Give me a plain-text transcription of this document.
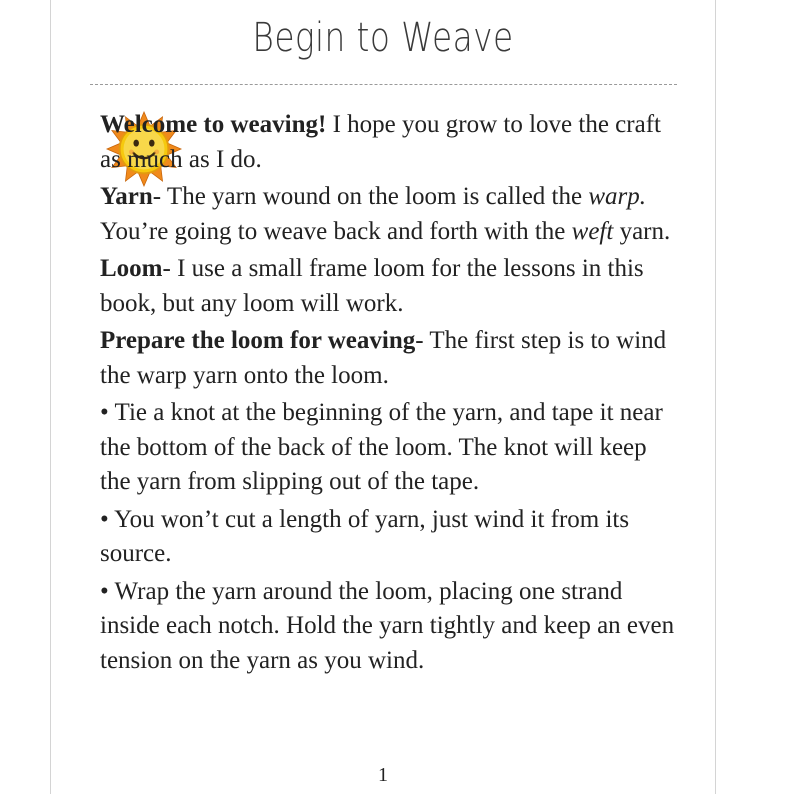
Begin to Weave

Welcome to weaving! I hope you grow to love the craft as much as I do.

Yarn- The yarn wound on the loom is called the warp. You’re going to weave back and forth with the weft yarn.

Loom- I use a small frame loom for the lessons in this book, but any loom will work.

Prepare the loom for weaving- The first step is to wind the warp yarn onto the loom.

• Tie a knot at the beginning of the yarn, and tape it near the bottom of the back of the loom. The knot will keep the yarn from slipping out of the tape.

• You won’t cut a length of yarn, just wind it from its source.

• Wrap the yarn around the loom, placing one strand inside each notch. Hold the yarn tightly and keep an even tension on the yarn as you wind.

1
